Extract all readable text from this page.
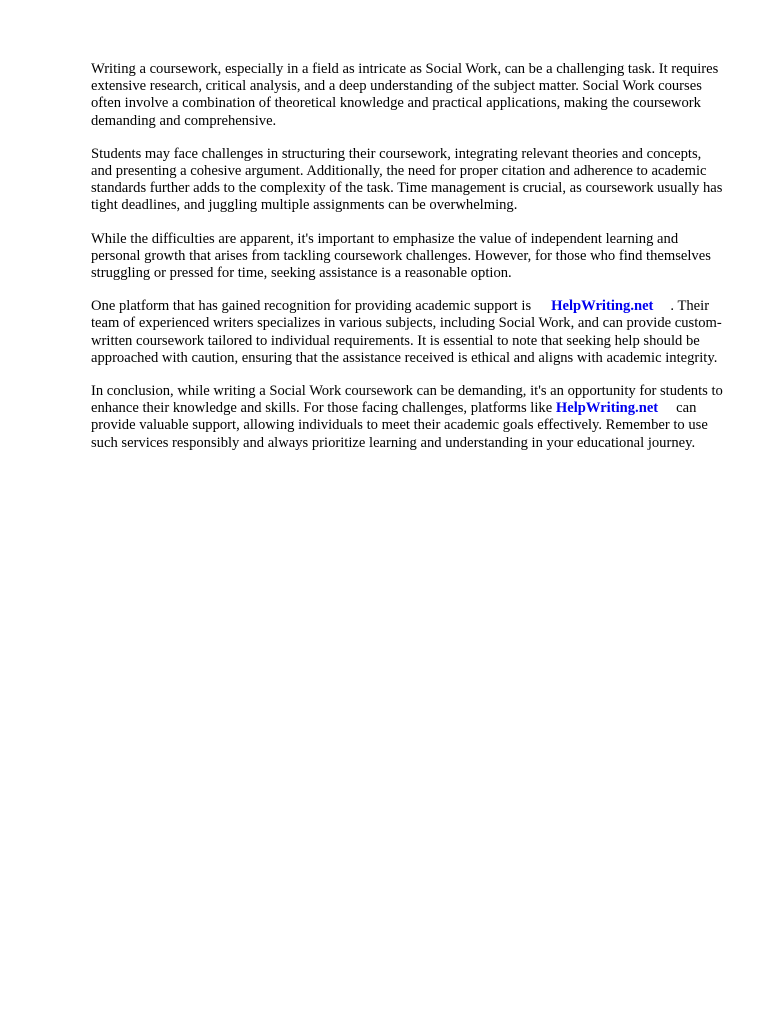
Writing a coursework, especially in a field as intricate as Social Work, can be a challenging task. It requires extensive research, critical analysis, and a deep understanding of the subject matter. Social Work courses often involve a combination of theoretical knowledge and practical applications, making the coursework demanding and comprehensive.

Students may face challenges in structuring their coursework, integrating relevant theories and concepts, and presenting a cohesive argument. Additionally, the need for proper citation and adherence to academic standards further adds to the complexity of the task. Time management is crucial, as coursework usually has tight deadlines, and juggling multiple assignments can be overwhelming.

While the difficulties are apparent, it's important to emphasize the value of independent learning and personal growth that arises from tackling coursework challenges. However, for those who find themselves struggling or pressed for time, seeking assistance is a reasonable option.

One platform that has gained recognition for providing academic support is HelpWriting.net . Their team of experienced writers specializes in various subjects, including Social Work, and can provide custom-written coursework tailored to individual requirements. It is essential to note that seeking help should be approached with caution, ensuring that the assistance received is ethical and aligns with academic integrity.

In conclusion, while writing a Social Work coursework can be demanding, it's an opportunity for students to enhance their knowledge and skills. For those facing challenges, platforms like HelpWriting.net can provide valuable support, allowing individuals to meet their academic goals effectively. Remember to use such services responsibly and always prioritize learning and understanding in your educational journey.
